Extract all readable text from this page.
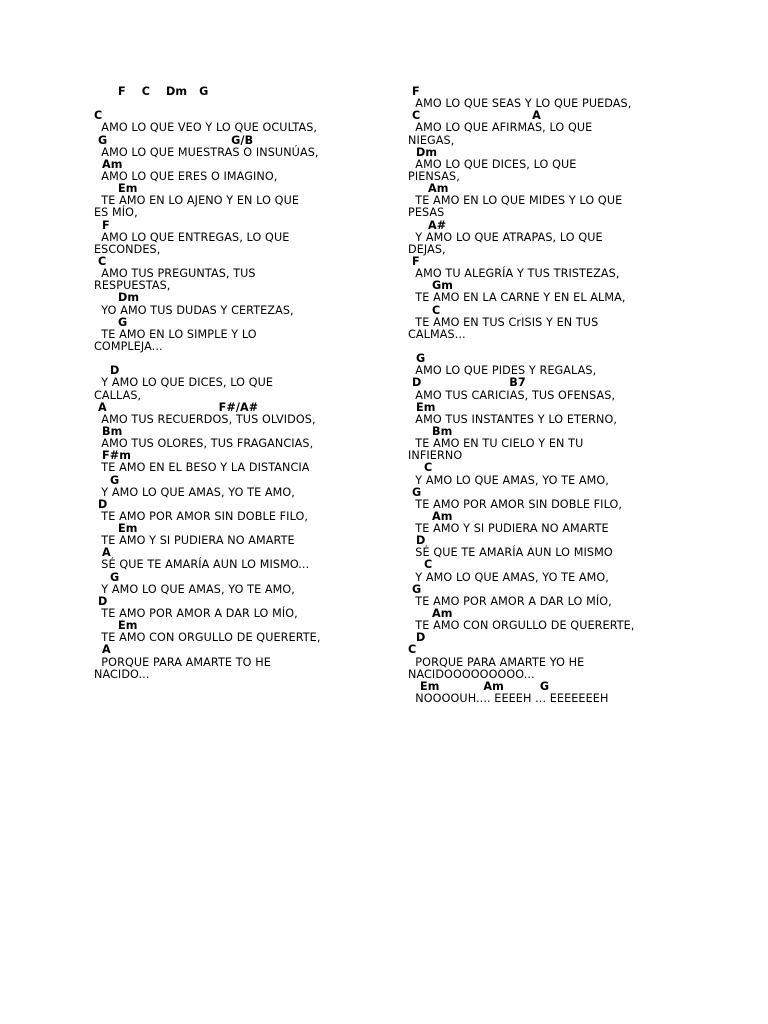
F    C    Dm   G
C
AMO LO QUE VEO Y LO QUE OCULTAS,
G                               G/B
AMO LO QUE MUESTRAS O INSUNÚAS,
Am
AMO LO QUE ERES O IMAGINO,
Em
TE AMO EN LO AJENO Y EN LO QUE
ES MÍO,
F
AMO LO QUE ENTREGAS, LO QUE
ESCONDES,
C
AMO TUS PREGUNTAS, TUS
RESPUESTAS,
Dm
YO AMO TUS DUDAS Y CERTEZAS,
G
TE AMO EN LO SIMPLE Y LO
COMPLEJA...
D
Y AMO LO QUE DICES, LO QUE
CALLAS,
A                            F#/A#
AMO TUS RECUERDOS, TUS OLVIDOS,
Bm
AMO TUS OLORES, TUS FRAGANCIAS,
F#m
TE AMO EN EL BESO Y LA DISTANCIA
G
Y AMO LO QUE AMAS, YO TE AMO,
D
TE AMO POR AMOR SIN DOBLE FILO,
Em
TE AMO Y SI PUDIERA NO AMARTE
A
SÉ QUE TE AMARÍA AUN LO MISMO...
G
Y AMO LO QUE AMAS, YO TE AMO,
D
TE AMO POR AMOR A DAR LO MÍO,
Em
TE AMO CON ORGULLO DE QUERERTE,
A
PORQUE PARA AMARTE TO HE
NACIDO...
F
AMO LO QUE SEAS Y LO QUE PUEDAS,
C                            A
AMO LO QUE AFIRMAS, LO QUE
NIEGAS,
Dm
AMO LO QUE DICES, LO QUE
PIENSAS,
Am
TE AMO EN LO QUE MIDES Y LO QUE
PESAS
A#
Y AMO LO QUE ATRAPAS, LO QUE
DEJAS,
F
AMO TU ALEGRÍA Y TUS TRISTEZAS,
Gm
TE AMO EN LA CARNE Y EN EL ALMA,
C
TE AMO EN TUS CrISIS Y EN TUS
CALMAS...
G
AMO LO QUE PIDES Y REGALAS,
D                      B7
AMO TUS CARICIAS, TUS OFENSAS,
Em
AMO TUS INSTANTES Y LO ETERNO,
Bm
TE AMO EN TU CIELO Y EN TU
INFIERNO
C
Y AMO LO QUE AMAS, YO TE AMO,
G
TE AMO POR AMOR SIN DOBLE FILO,
Am
TE AMO Y SI PUDIERA NO AMARTE
D
SÉ QUE TE AMARÍA AUN LO MISMO
C
Y AMO LO QUE AMAS, YO TE AMO,
G
TE AMO POR AMOR A DAR LO MÍO,
Am
TE AMO CON ORGULLO DE QUERERTE,
D
C
PORQUE PARA AMARTE YO HE
NACIDOOOOOOOOO...
Em           Am         G
NOOOOUH.... EEEEH ... EEEEEEEH
